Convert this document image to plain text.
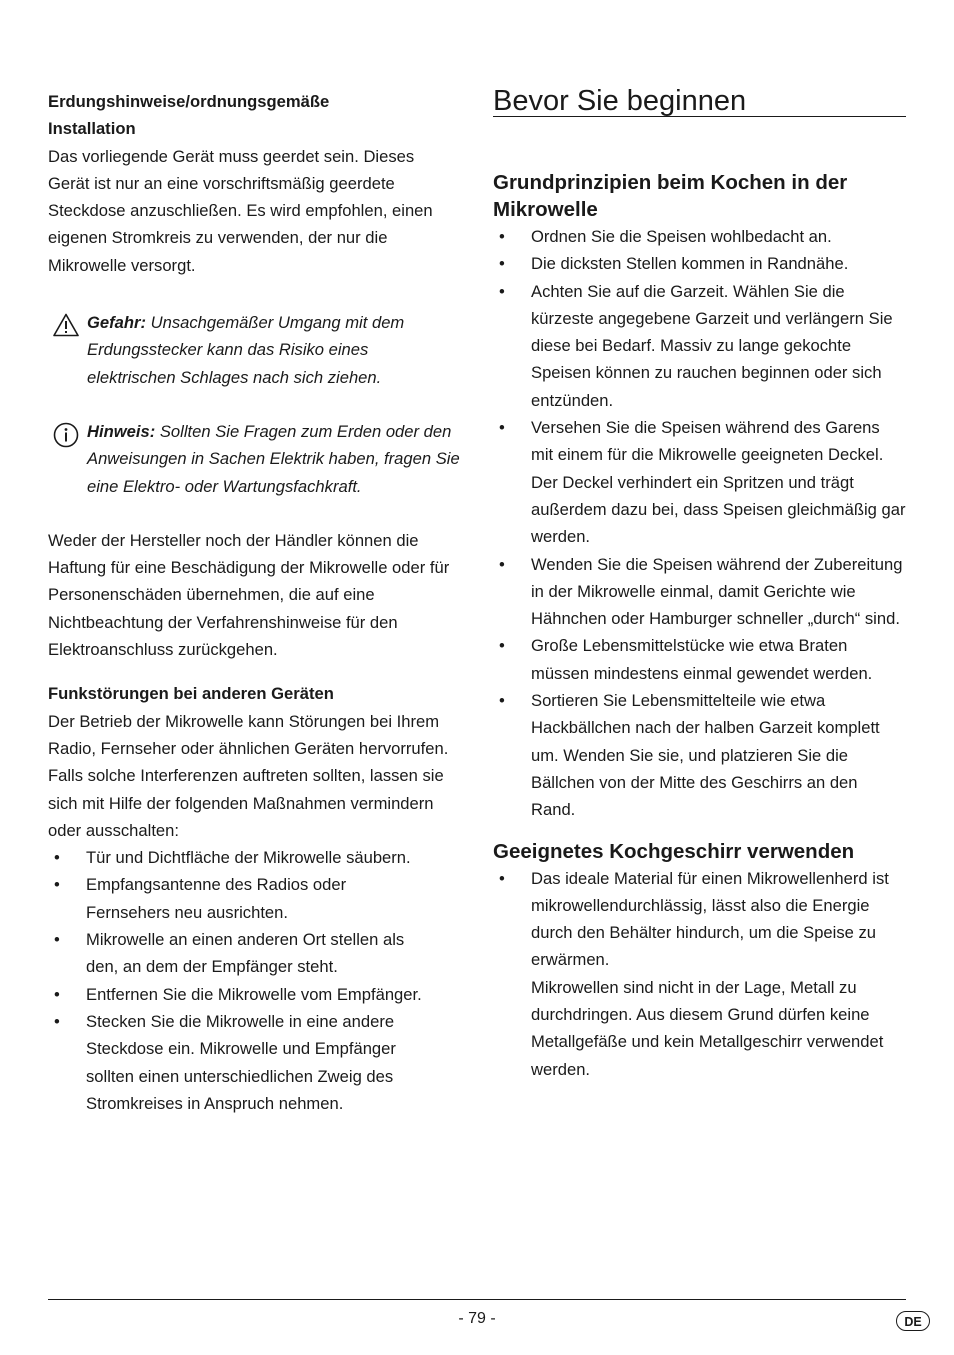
Erdungshinweise/ordnungsgemäße Installation

Das vorliegende Gerät muss geerdet sein. Dieses Gerät ist nur an eine vorschriftsmäßig geerdete Steckdose anzuschließen. Es wird empfohlen, einen eigenen Stromkreis zu verwenden, der nur die Mikrowelle versorgt.

Gefahr: Unsachgemäßer Umgang mit dem Erdungsstecker kann das Risiko eines elektrischen Schlages nach sich ziehen.
Hinweis: Sollten Sie Fragen zum Erden oder den Anweisungen in Sachen Elektrik haben, fragen Sie eine Elektro- oder Wartungsfachkraft.

Weder der Hersteller noch der Händler können die Haftung für eine Beschädigung der Mikrowelle oder für Personenschäden übernehmen, die auf eine Nichtbeachtung der Verfahrenshinweise für den Elektroanschluss zurückgehen.

Funkstörungen bei anderen Geräten

Der Betrieb der Mikrowelle kann Störungen bei Ihrem Radio, Fernseher oder ähnlichen Geräten hervorrufen. Falls solche Interferenzen auftreten sollten, lassen sie sich mit Hilfe der folgenden Maßnahmen vermindern oder ausschalten:

• Tür und Dichtfläche der Mikrowelle säubern.
• Empfangsantenne des Radios oder Fernsehers neu ausrichten.
• Mikrowelle an einen anderen Ort stellen als den, an dem der Empfänger steht.
• Entfernen Sie die Mikrowelle vom Empfänger.
• Stecken Sie die Mikrowelle in eine andere Steckdose ein. Mikrowelle und Empfänger sollten einen unterschiedlichen Zweig des Stromkreises in Anspruch nehmen.
Bevor Sie beginnen
Grundprinzipien beim Kochen in der Mikrowelle
• Ordnen Sie die Speisen wohlbedacht an.
• Die dicksten Stellen kommen in Randnähe.
• Achten Sie auf die Garzeit. Wählen Sie die kürzeste angegebene Garzeit und verlängern Sie diese bei Bedarf. Massiv zu lange gekochte Speisen können zu rauchen beginnen oder sich entzünden.
• Versehen Sie die Speisen während des Garens mit einem für die Mikrowelle geeigneten Deckel. Der Deckel verhindert ein Spritzen und trägt außerdem dazu bei, dass Speisen gleichmäßig gar werden.
• Wenden Sie die Speisen während der Zubereitung in der Mikrowelle einmal, damit Gerichte wie Hähnchen oder Hamburger schneller „durch“ sind.
• Große Lebensmittelstücke wie etwa Braten müssen mindestens einmal gewendet werden.
• Sortieren Sie Lebensmittelteile wie etwa Hackbällchen nach der halben Garzeit komplett um. Wenden Sie sie, und platzieren Sie die Bällchen von der Mitte des Geschirrs an den Rand.
Geeignetes Kochgeschirr verwenden
• Das ideale Material für einen Mikrowellenherd ist mikrowellendurchlässig, lässt also die Energie durch den Behälter hindurch, um die Speise zu erwärmen.
Mikrowellen sind nicht in der Lage, Metall zu durchdringen. Aus diesem Grund dürfen keine Metallgefäße und kein Metallgeschirr verwendet werden.
- 79 -	DE
